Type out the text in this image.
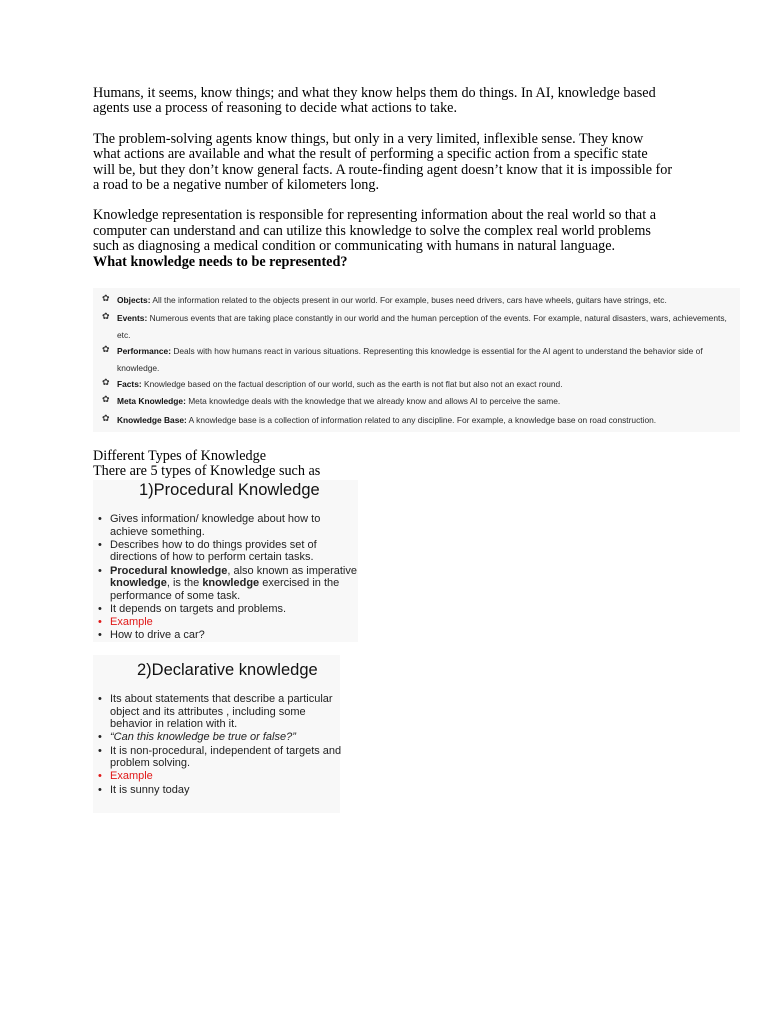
Humans, it seems, know things; and what they know helps them do things. In AI, knowledge based agents use a process of reasoning to decide what actions to take.

The problem-solving agents know things, but only in a very limited, inflexible sense. They know what actions are available and what the result of performing a specific action from a specific state will be, but they don’t know general facts. A route-finding agent doesn’t know that it is impossible for a road to be a negative number of kilometers long.

Knowledge representation is responsible for representing information about the real world so that a computer can understand and can utilize this knowledge to solve the complex real world problems such as diagnosing a medical condition or communicating with humans in natural language.

What knowledge needs to be represented?

✿ Objects: All the information related to the objects present in our world. For example, buses need drivers, cars have wheels, guitars have strings, etc.
✿ Events: Numerous events that are taking place constantly in our world and the human perception of the events. For example, natural disasters, wars, achievements, etc.
✿ Performance: Deals with how humans react in various situations. Representing this knowledge is essential for the AI agent to understand the behavior side of knowledge.
✿ Facts: Knowledge based on the factual description of our world, such as the earth is not flat but also not an exact round.
✿ Meta Knowledge: Meta knowledge deals with the knowledge that we already know and allows AI to perceive the same.
✿ Knowledge Base: A knowledge base is a collection of information related to any discipline. For example, a knowledge base on road construction.
Different Types of Knowledge
There are 5 types of Knowledge such as
1)Procedural Knowledge
• Gives information/ knowledge about how to achieve something.
• Describes how to do things provides set of directions of how to perform certain tasks.
• Procedural knowledge, also known as imperative knowledge, is the knowledge exercised in the performance of some task.
• It depends on targets and problems.
• Example
• How to drive a car?
2)Declarative knowledge
• Its about statements that describe a particular object and its attributes , including some behavior in relation with it.
• “Can this knowledge be true or false?”
• It is non-procedural, independent of targets and problem solving.
• Example
• It is sunny today
